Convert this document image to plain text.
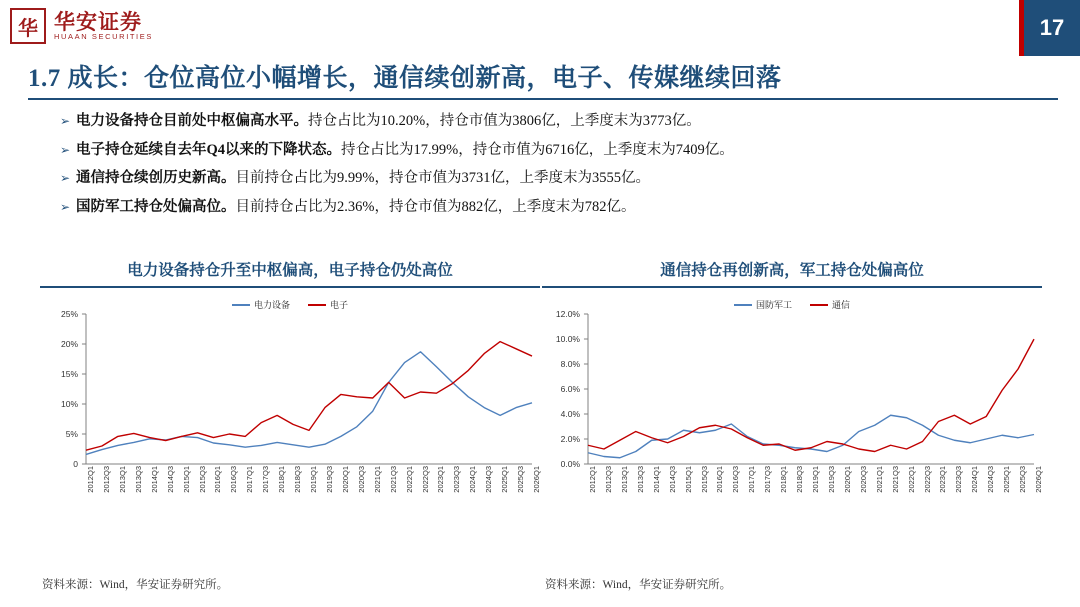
华 华安证券
HUAAN SECURITIES	17
1.7 成长：仓位高位小幅增长，通信续创新高，电子、传媒继续回落
➢ 电力设备持仓目前处中枢偏高水平。持仓占比为10.20%，持仓市值为3806亿，上季度末为3773亿。
➢ 电子持仓延续自去年Q4以来的下降状态。持仓占比为17.99%，持仓市值为6716亿，上季度末为7409亿。
➢ 通信持仓续创历史新高。目前持仓占比为9.99%，持仓市值为3731亿，上季度末为3555亿。
➢ 国防军工持仓处偏高位。目前持仓占比为2.36%，持仓市值为882亿，上季度末为782亿。
电力设备持仓升至中枢偏高，电子持仓仍处高位
电力设备	电子
0
5%
10%
15%
20%
25%
2012Q1 2012Q3 2013Q1 2013Q3 2014Q1 2014Q3 2015Q1 2015Q3 2016Q1 2016Q3 2017Q1 2017Q3 2018Q1 2018Q3 2019Q1 2019Q3 2020Q1 2020Q3 2021Q1 2021Q3 2022Q1 2022Q3 2023Q1 2023Q3 2024Q1 2024Q3 2025Q1 2025Q3 2026Q1
资料来源：Wind，华安证券研究所。
通信持仓再创新高，军工持仓处偏高位
国防军工	通信
0.0%
2.0%
4.0%
6.0%
8.0%
10.0%
12.0%
2012Q1 2012Q3 2013Q1 2013Q3 2014Q1 2014Q3 2015Q1 2015Q3 2016Q1 2016Q3 2017Q1 2017Q3 2018Q1 2018Q3 2019Q1 2019Q3 2020Q1 2020Q3 2021Q1 2021Q3 2022Q1 2022Q3 2023Q1 2023Q3 2024Q1 2024Q3 2025Q1 2025Q3 2026Q1
资料来源：Wind，华安证券研究所。
